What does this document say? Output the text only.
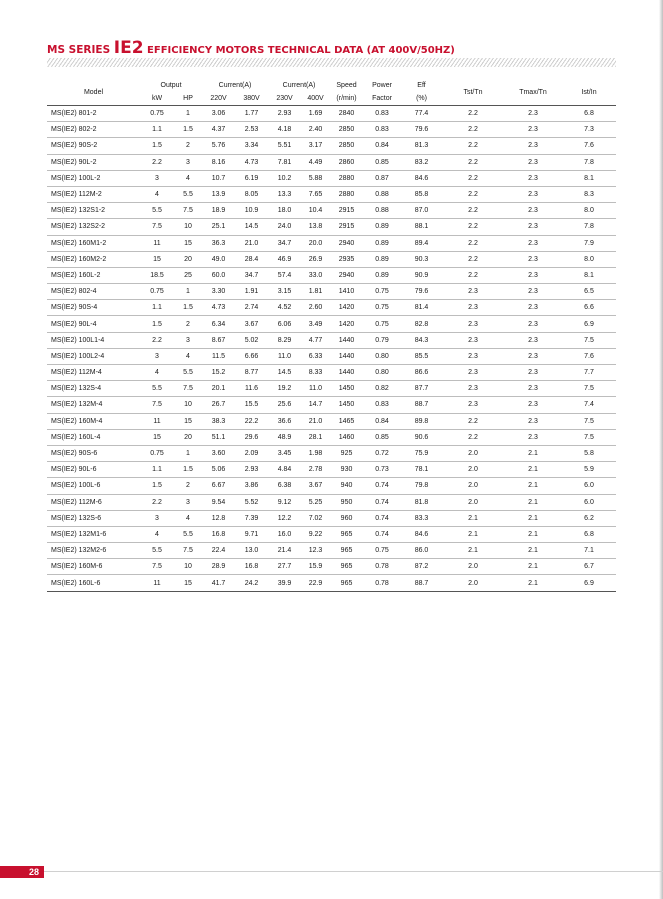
MS SERIES IE2 EFFICIENCY MOTORS TECHNICAL DATA (AT 400V/50HZ)
Model	Output		Current(A)		Current(A)		Speed	Power	Eff	Tst/Tn	Tmax/Tn	Ist/In
	kW	HP	220V	380V	230V	400V	(r/min)	Factor	(%)			
MS(IE2) 801-2	0.75	1	3.06	1.77	2.93	1.69	2840	0.83	77.4	2.2	2.3	6.8
MS(IE2) 802-2	1.1	1.5	4.37	2.53	4.18	2.40	2850	0.83	79.6	2.2	2.3	7.3
MS(IE2) 90S-2	1.5	2	5.76	3.34	5.51	3.17	2850	0.84	81.3	2.2	2.3	7.6
MS(IE2) 90L-2	2.2	3	8.16	4.73	7.81	4.49	2860	0.85	83.2	2.2	2.3	7.8
MS(IE2) 100L-2	3	4	10.7	6.19	10.2	5.88	2880	0.87	84.6	2.2	2.3	8.1
MS(IE2) 112M-2	4	5.5	13.9	8.05	13.3	7.65	2880	0.88	85.8	2.2	2.3	8.3
MS(IE2) 132S1-2	5.5	7.5	18.9	10.9	18.0	10.4	2915	0.88	87.0	2.2	2.3	8.0
MS(IE2) 132S2-2	7.5	10	25.1	14.5	24.0	13.8	2915	0.89	88.1	2.2	2.3	7.8
MS(IE2) 160M1-2	11	15	36.3	21.0	34.7	20.0	2940	0.89	89.4	2.2	2.3	7.9
MS(IE2) 160M2-2	15	20	49.0	28.4	46.9	26.9	2935	0.89	90.3	2.2	2.3	8.0
MS(IE2) 160L-2	18.5	25	60.0	34.7	57.4	33.0	2940	0.89	90.9	2.2	2.3	8.1
MS(IE2) 802-4	0.75	1	3.30	1.91	3.15	1.81	1410	0.75	79.6	2.3	2.3	6.5
MS(IE2) 90S-4	1.1	1.5	4.73	2.74	4.52	2.60	1420	0.75	81.4	2.3	2.3	6.6
MS(IE2) 90L-4	1.5	2	6.34	3.67	6.06	3.49	1420	0.75	82.8	2.3	2.3	6.9
MS(IE2) 100L1-4	2.2	3	8.67	5.02	8.29	4.77	1440	0.79	84.3	2.3	2.3	7.5
MS(IE2) 100L2-4	3	4	11.5	6.66	11.0	6.33	1440	0.80	85.5	2.3	2.3	7.6
MS(IE2) 112M-4	4	5.5	15.2	8.77	14.5	8.33	1440	0.80	86.6	2.3	2.3	7.7
MS(IE2) 132S-4	5.5	7.5	20.1	11.6	19.2	11.0	1450	0.82	87.7	2.3	2.3	7.5
MS(IE2) 132M-4	7.5	10	26.7	15.5	25.6	14.7	1450	0.83	88.7	2.3	2.3	7.4
MS(IE2) 160M-4	11	15	38.3	22.2	36.6	21.0	1465	0.84	89.8	2.2	2.3	7.5
MS(IE2) 160L-4	15	20	51.1	29.6	48.9	28.1	1460	0.85	90.6	2.2	2.3	7.5
MS(IE2) 90S-6	0.75	1	3.60	2.09	3.45	1.98	925	0.72	75.9	2.0	2.1	5.8
MS(IE2) 90L-6	1.1	1.5	5.06	2.93	4.84	2.78	930	0.73	78.1	2.0	2.1	5.9
MS(IE2) 100L-6	1.5	2	6.67	3.86	6.38	3.67	940	0.74	79.8	2.0	2.1	6.0
MS(IE2) 112M-6	2.2	3	9.54	5.52	9.12	5.25	950	0.74	81.8	2.0	2.1	6.0
MS(IE2) 132S-6	3	4	12.8	7.39	12.2	7.02	960	0.74	83.3	2.1	2.1	6.2
MS(IE2) 132M1-6	4	5.5	16.8	9.71	16.0	9.22	965	0.74	84.6	2.1	2.1	6.8
MS(IE2) 132M2-6	5.5	7.5	22.4	13.0	21.4	12.3	965	0.75	86.0	2.1	2.1	7.1
MS(IE2) 160M-6	7.5	10	28.9	16.8	27.7	15.9	965	0.78	87.2	2.0	2.1	6.7
MS(IE2) 160L-6	11	15	41.7	24.2	39.9	22.9	965	0.78	88.7	2.0	2.1	6.9
28
